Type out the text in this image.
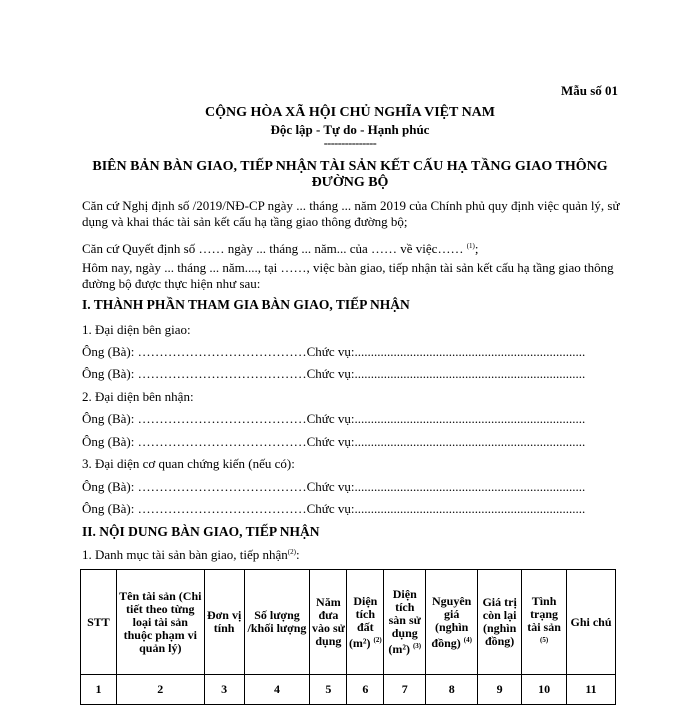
Mẫu số 01
CỘNG HÒA XÃ HỘI CHỦ NGHĨA VIỆT NAM
Độc lập - Tự do - Hạnh phúc
---------------
BIÊN BẢN BÀN GIAO, TIẾP NHẬN TÀI SẢN KẾT CẤU HẠ TẦNG GIAO THÔNG ĐƯỜNG BỘ
Căn cứ Nghị định số /2019/NĐ-CP ngày ... tháng ... năm 2019 của Chính phủ quy định việc quản lý, sử dụng và khai thác tài sản kết cấu hạ tầng giao thông đường bộ;
Căn cứ Quyết định số …… ngày ... tháng ... năm... của …… về việc…… $^{(1)}$;
Hôm nay, ngày ... tháng ... năm...., tại ……, việc bàn giao, tiếp nhận tài sản kết cấu hạ tầng giao thông đường bộ được thực hiện như sau:
I. THÀNH PHẦN THAM GIA BÀN GIAO, TIẾP NHẬN
1. Đại diện bên giao:
Ông (Bà): …………………………………Chức vụ:.......................................................................
Ông (Bà): …………………………………Chức vụ:.......................................................................
2. Đại diện bên nhận:
Ông (Bà): …………………………………Chức vụ:.......................................................................
Ông (Bà): …………………………………Chức vụ:.......................................................................
3. Đại diện cơ quan chứng kiến (nếu có):
Ông (Bà): …………………………………Chức vụ:.......................................................................
Ông (Bà): …………………………………Chức vụ:.......................................................................
II. NỘI DUNG BÀN GIAO, TIẾP NHẬN
1. Danh mục tài sản bàn giao, tiếp nhận$^{(2)}$:
STT	Tên tài sản (Chi tiết theo từng loại tài sản thuộc phạm vi quản lý)	Đơn vị tính	Số lượng /khối lượng	Năm đưa vào sử dụng	Diện tích đất (m²) $^{(2)}$	Diện tích sàn sử dụng (m²) $^{(3)}$	Nguyên giá (nghìn đồng) $^{(4)}$	Giá trị còn lại (nghìn đồng)	Tình trạng tài sản $^{(5)}$	Ghi chú
1	2	3	4	5	6	7	8	9	10	11
